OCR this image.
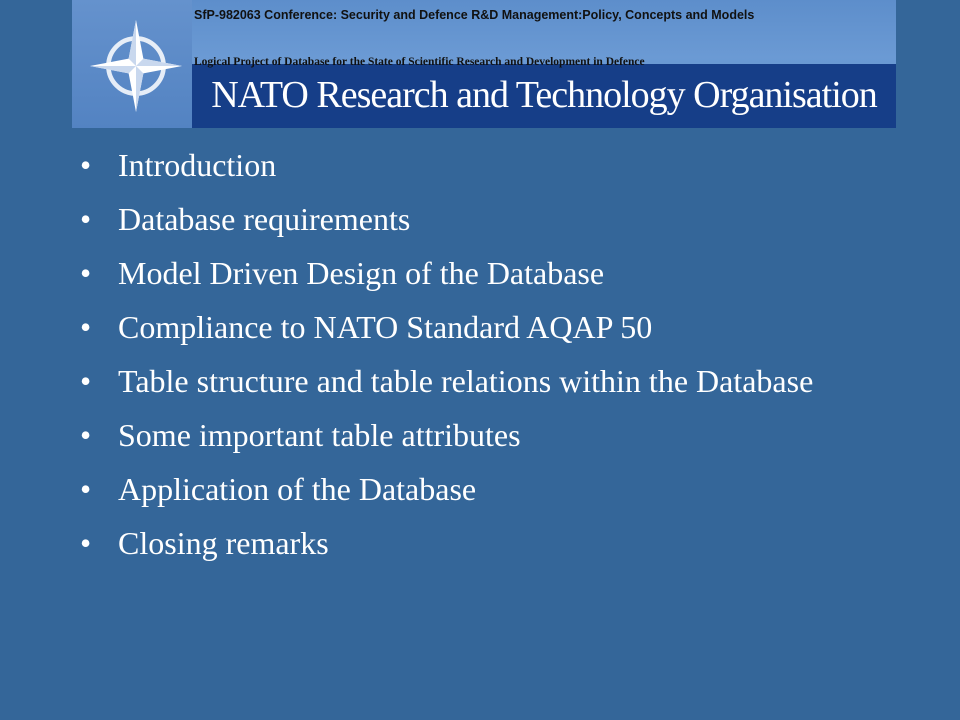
NATO Research and Technology Organisation
SfP-982063 Conference: Security and Defence R&D Management:Policy, Concepts and Models
Logical Project of Database for the State of Scientific Research and Development in Defence
• Introduction
• Database requirements
• Model Driven Design of the Database
• Compliance to NATO Standard AQAP 50
• Table structure and table relations within the Database
• Some important table attributes
• Application of the Database
• Closing remarks
